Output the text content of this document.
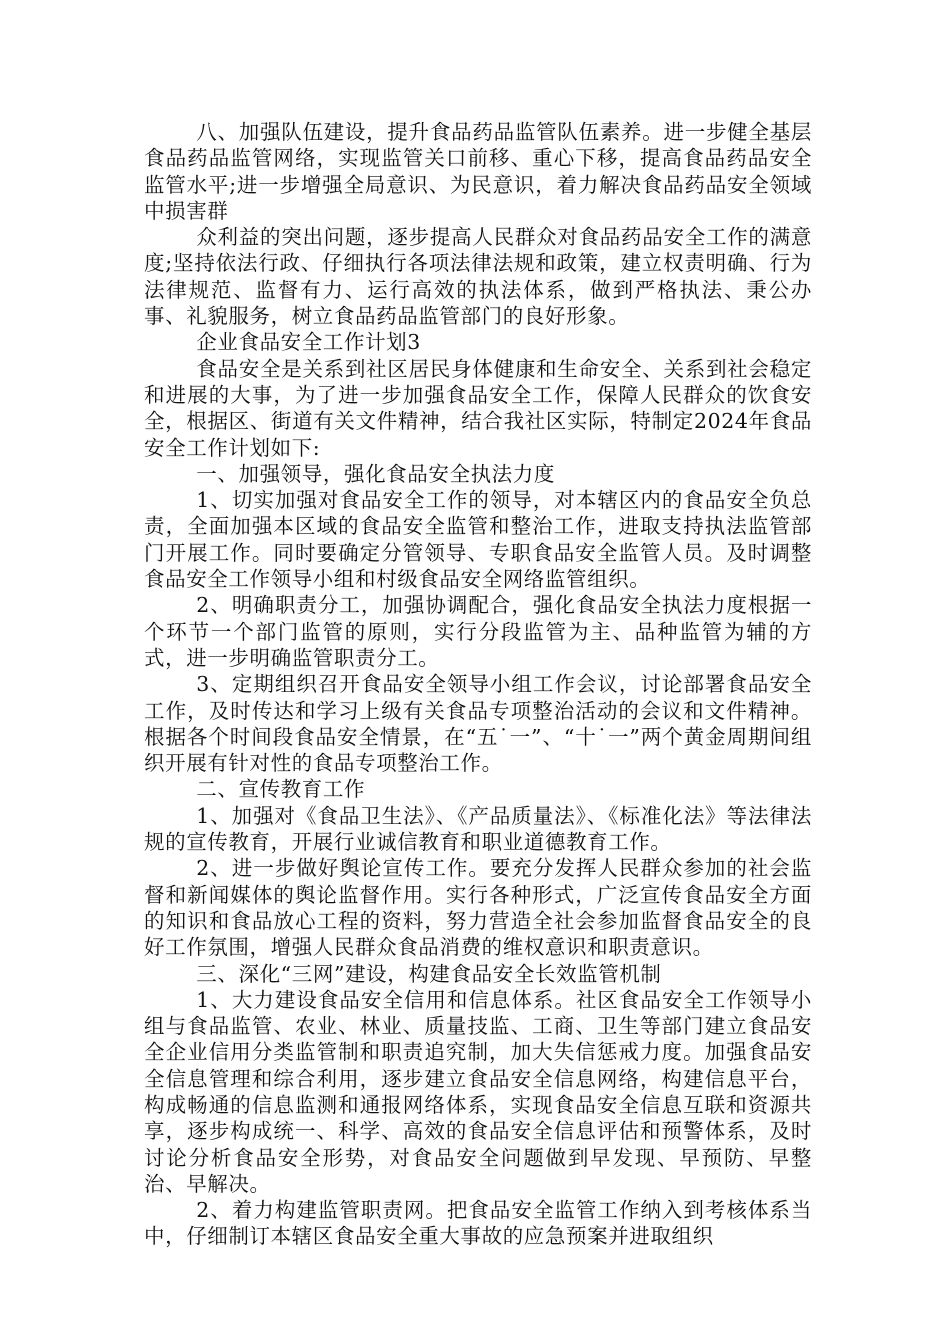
八、加强队伍建设，提升食品药品监管队伍素养。进一步健全基层食品药品监管网络，实现监管关口前移、重心下移，提高食品药品安全监管水平;进一步增强全局意识、为民意识，着力解决食品药品安全领域中损害群

众利益的突出问题，逐步提高人民群众对食品药品安全工作的满意度;坚持依法行政、仔细执行各项法律法规和政策，建立权责明确、行为法律规范、监督有力、运行高效的执法体系，做到严格执法、秉公办事、礼貌服务，树立食品药品监管部门的良好形象。

企业食品安全工作计划3

食品安全是关系到社区居民身体健康和生命安全、关系到社会稳定和进展的大事，为了进一步加强食品安全工作，保障人民群众的饮食安全，根据区、街道有关文件精神，结合我社区实际，特制定2024年食品安全工作计划如下:

一、加强领导，强化食品安全执法力度

1、切实加强对食品安全工作的领导，对本辖区内的食品安全负总责，全面加强本区域的食品安全监管和整治工作，进取支持执法监管部门开展工作。同时要确定分管领导、专职食品安全监管人员。及时调整食品安全工作领导小组和村级食品安全网络监管组织。

2、明确职责分工，加强协调配合，强化食品安全执法力度根据一个环节一个部门监管的原则，实行分段监管为主、品种监管为辅的方式，进一步明确监管职责分工。

3、定期组织召开食品安全领导小组工作会议，讨论部署食品安全工作，及时传达和学习上级有关食品专项整治活动的会议和文件精神。根据各个时间段食品安全情景，在“五˙一”、“十˙一”两个黄金周期间组织开展有针对性的食品专项整治工作。

二、宣传教育工作

1、加强对《食品卫生法》、《产品质量法》、《标准化法》等法律法规的宣传教育，开展行业诚信教育和职业道德教育工作。

2、进一步做好舆论宣传工作。要充分发挥人民群众参加的社会监督和新闻媒体的舆论监督作用。实行各种形式，广泛宣传食品安全方面的知识和食品放心工程的资料，努力营造全社会参加监督食品安全的良好工作氛围，增强人民群众食品消费的维权意识和职责意识。

三、深化“三网”建设，构建食品安全长效监管机制

1、大力建设食品安全信用和信息体系。社区食品安全工作领导小组与食品监管、农业、林业、质量技监、工商、卫生等部门建立食品安全企业信用分类监管制和职责追究制，加大失信惩戒力度。加强食品安全信息管理和综合利用，逐步建立食品安全信息网络，构建信息平台，构成畅通的信息监测和通报网络体系，实现食品安全信息互联和资源共享，逐步构成统一、科学、高效的食品安全信息评估和预警体系，及时讨论分析食品安全形势，对食品安全问题做到早发现、早预防、早整治、早解决。

2、着力构建监管职责网。把食品安全监管工作纳入到考核体系当中，仔细制订本辖区食品安全重大事故的应急预案并进取组织
